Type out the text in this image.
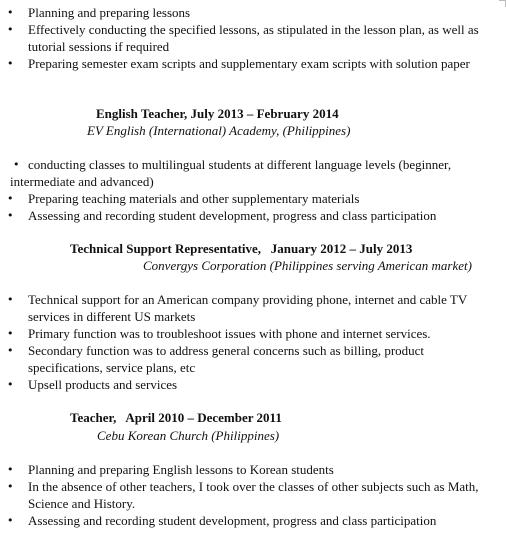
•	Planning and preparing lessons
•	Effectively conducting the specified lessons, as stipulated in the lesson plan, as well as tutorial sessions if required
•	Preparing semester exam scripts and supplementary exam scripts with solution paper
English Teacher, July 2013 – February 2014
EV English (International) Academy, (Philippines)
• conducting classes to multilingual students at different language levels (beginner, intermediate and advanced)
•	Preparing teaching materials and other supplementary materials
•	Assessing and recording student development, progress and class participation
Technical Support Representative,   January 2012 – July 2013
Convergys Corporation (Philippines serving American market)
•	Technical support for an American company providing phone, internet and cable TV services in different US markets
•	Primary function was to troubleshoot issues with phone and internet services.
•	Secondary function was to address general concerns such as billing, product specifications, service plans, etc
•	Upsell products and services
Teacher,   April 2010 – December 2011
Cebu Korean Church (Philippines)
•	Planning and preparing English lessons to Korean students
•	In the absence of other teachers, I took over the classes of other subjects such as Math, Science and History.
•	Assessing and recording student development, progress and class participation
